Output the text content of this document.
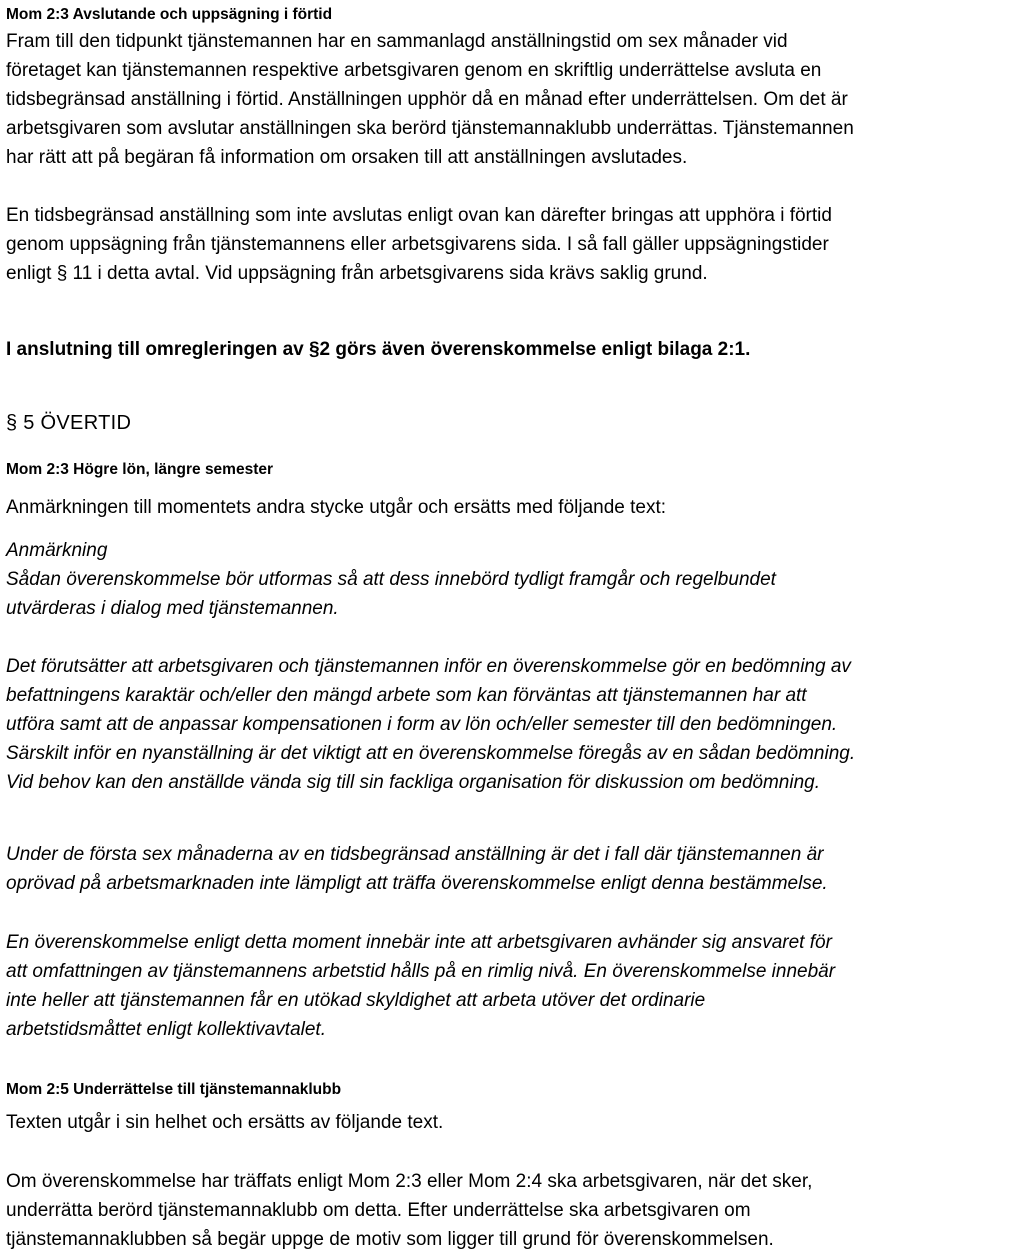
Mom 2:3 Avslutande och uppsägning i förtid
Fram till den tidpunkt tjänstemannen har en sammanlagd anställningstid om sex månader vid
företaget kan tjänstemannen respektive arbetsgivaren genom en skriftlig underrättelse avsluta en
tidsbegränsad anställning i förtid. Anställningen upphör då en månad efter underrättelsen. Om det är
arbetsgivaren som avslutar anställningen ska berörd tjänstemannaklubb underrättas. Tjänstemannen
har rätt att på begäran få information om orsaken till att anställningen avslutades.
En tidsbegränsad anställning som inte avslutas enligt ovan kan därefter bringas att upphöra i förtid
genom uppsägning från tjänstemannens eller arbetsgivarens sida. I så fall gäller uppsägningstider
enligt § 11 i detta avtal. Vid uppsägning från arbetsgivarens sida krävs saklig grund.
I anslutning till omregleringen av §2 görs även överenskommelse enligt bilaga 2:1.
§ 5 ÖVERTID
Mom 2:3 Högre lön, längre semester
Anmärkningen till momentets andra stycke utgår och ersätts med följande text:
Anmärkning
Sådan överenskommelse bör utformas så att dess innebörd tydligt framgår och regelbundet
utvärderas i dialog med tjänstemannen.
Det förutsätter att arbetsgivaren och tjänstemannen inför en överenskommelse gör en bedömning av
befattningens karaktär och/eller den mängd arbete som kan förväntas att tjänstemannen har att
utföra samt att de anpassar kompensationen i form av lön och/eller semester till den bedömningen.
Särskilt inför en nyanställning är det viktigt att en överenskommelse föregås av en sådan bedömning.
Vid behov kan den anställde vända sig till sin fackliga organisation för diskussion om bedömning.
Under de första sex månaderna av en tidsbegränsad anställning är det i fall där tjänstemannen är
oprövad på arbetsmarknaden inte lämpligt att träffa överenskommelse enligt denna bestämmelse.
En överenskommelse enligt detta moment innebär inte att arbetsgivaren avhänder sig ansvaret för
att omfattningen av tjänstemannens arbetstid hålls på en rimlig nivå. En överenskommelse innebär
inte heller att tjänstemannen får en utökad skyldighet att arbeta utöver det ordinarie
arbetstidsmåttet enligt kollektivavtalet.
Mom 2:5 Underrättelse till tjänstemannaklubb
Texten utgår i sin helhet och ersätts av följande text.
Om överenskommelse har träffats enligt Mom 2:3 eller Mom 2:4 ska arbetsgivaren, när det sker,
underrätta berörd tjänstemannaklubb om detta. Efter underrättelse ska arbetsgivaren om
tjänstemannaklubben så begär uppge de motiv som ligger till grund för överenskommelsen.
